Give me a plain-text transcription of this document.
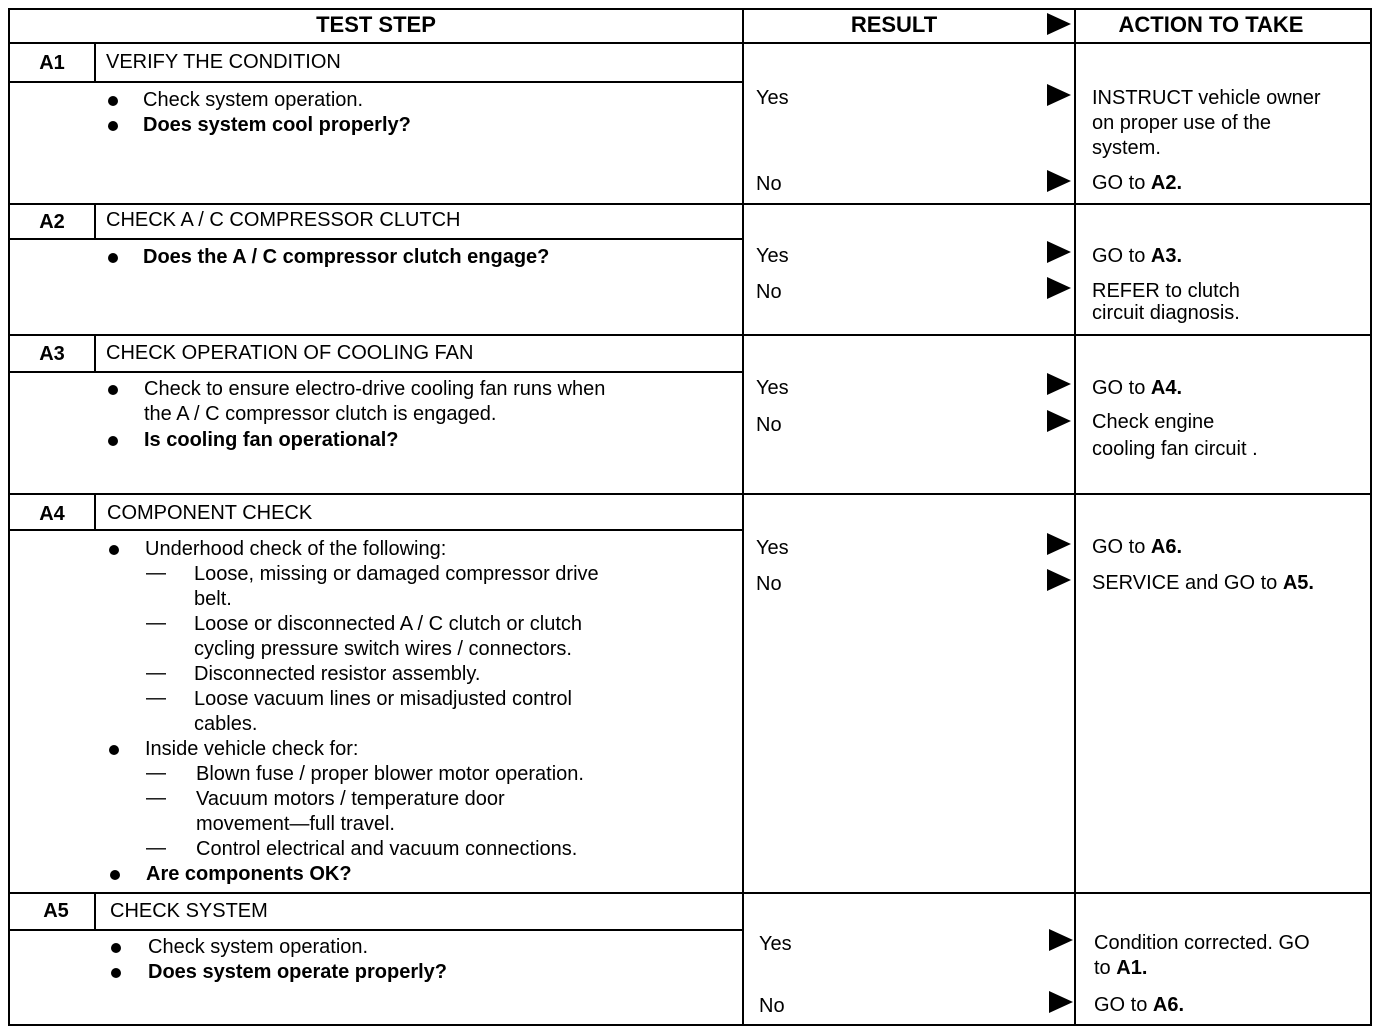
TEST STEP	RESULT	ACTION TO TAKE
A1	VERIFY THE CONDITION
Check system operation.
Does system cool properly?
Yes	INSTRUCT vehicle owner
on proper use of the
system.
No	GO to A2.
A2	CHECK A / C COMPRESSOR CLUTCH
Does the A / C compressor clutch engage?	Yes	GO to A3.
No	REFER to clutch
circuit diagnosis.
A3	CHECK OPERATION OF COOLING FAN
Check to ensure electro-drive cooling fan runs when
the A / C compressor clutch is engaged.
Is cooling fan operational?
Yes	GO to A4.
No	Check engine
cooling fan circuit .
A4	COMPONENT CHECK
Underhood check of the following:
— Loose, missing or damaged compressor drive
belt.
— Loose or disconnected A / C clutch or clutch
cycling pressure switch wires / connectors.
— Disconnected resistor assembly.
— Loose vacuum lines or misadjusted control
cables.
Inside vehicle check for:
— Blown fuse / proper blower motor operation.
— Vacuum motors / temperature door
movement—full travel.
— Control electrical and vacuum connections.
Are components OK?
Yes	GO to A6.
No	SERVICE and GO to A5.
A5	CHECK SYSTEM
Check system operation.
Does system operate properly?
Yes	Condition corrected. GO
to A1.
No	GO to A6.
